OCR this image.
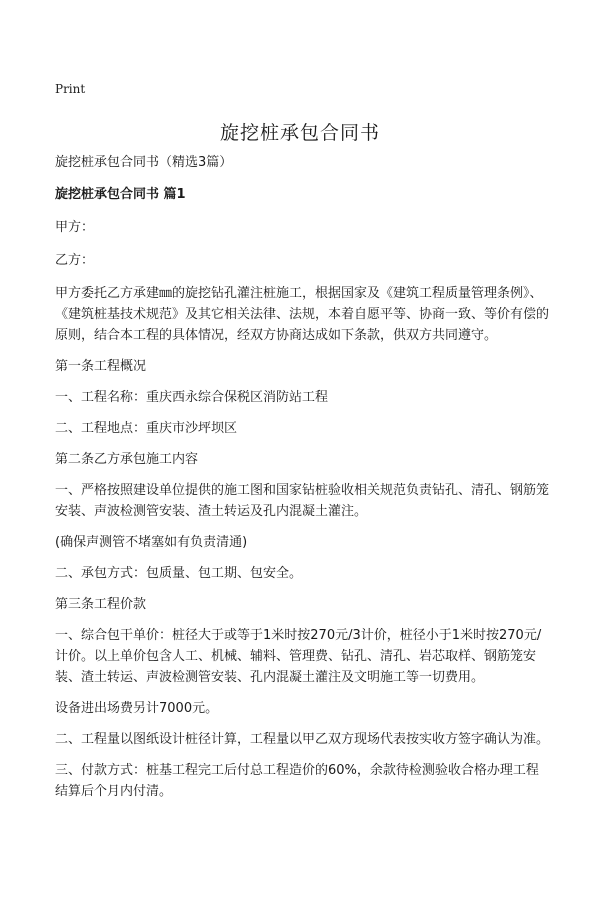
Print
旋挖桩承包合同书
旋挖桩承包合同书（精选3篇）
旋挖桩承包合同书 篇1
甲方：
乙方：
甲方委托乙方承建㎜的旋挖钻孔灌注桩施工，根据国家及《建筑工程质量管理条例》、《建筑桩基技术规范》及其它相关法律、法规，本着自愿平等、协商一致、等价有偿的原则，结合本工程的具体情况，经双方协商达成如下条款，供双方共同遵守。
第一条工程概况
一、工程名称：重庆西永综合保税区消防站工程
二、工程地点：重庆市沙坪坝区
第二条乙方承包施工内容
一、严格按照建设单位提供的施工图和国家钻桩验收相关规范负责钻孔、清孔、钢筋笼安装、声波检测管安装、渣土转运及孔内混凝土灌注。
(确保声测管不堵塞如有负责清通)
二、承包方式：包质量、包工期、包安全。
第三条工程价款
一、综合包干单价：桩径大于或等于1米时按270元/3计价，桩径小于1米时按270元/计价。以上单价包含人工、机械、辅料、管理费、钻孔、清孔、岩芯取样、钢筋笼安装、渣土转运、声波检测管安装、孔内混凝土灌注及文明施工等一切费用。
设备进出场费另计7000元。
二、工程量以图纸设计桩径计算，工程量以甲乙双方现场代表按实收方签字确认为准。
三、付款方式：桩基工程完工后付总工程造价的60%，余款待检测验收合格办理工程结算后个月内付清。
